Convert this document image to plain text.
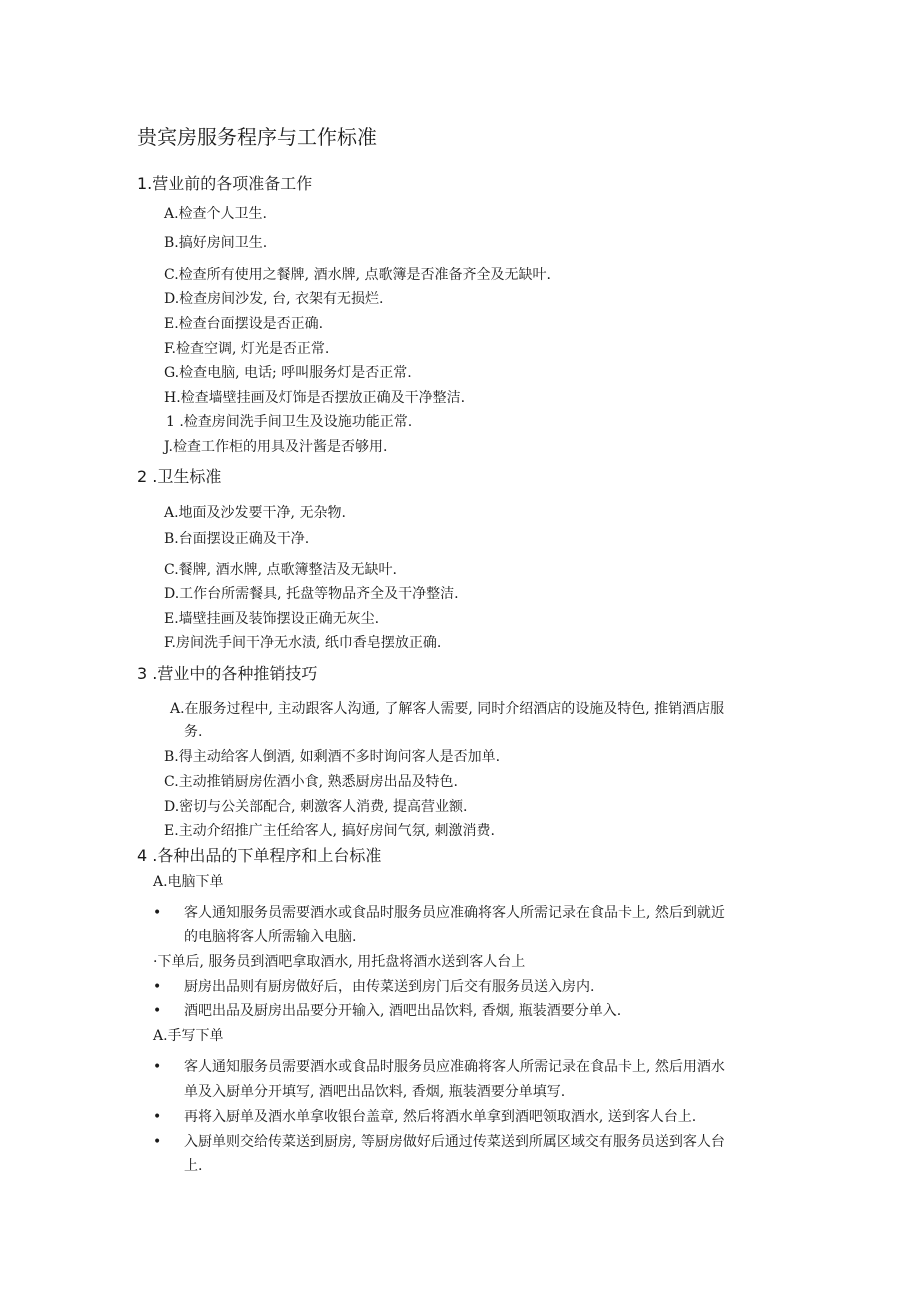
贵宾房服务程序与工作标准
1.营业前的各项准备工作
A.检查个人卫生.
B.搞好房间卫生.
C.检查所有使用之餐牌, 酒水牌, 点歌簿是否准备齐全及无缺叶.
D.检查房间沙发, 台, 衣架有无损烂.
E.检查台面摆设是否正确.
F.检查空调, 灯光是否正常.
G.检查电脑, 电话; 呼叫服务灯是否正常.
H.检查墙壁挂画及灯饰是否摆放正确及干净整洁.
1 .检查房间洗手间卫生及设施功能正常.
J.检查工作柜的用具及汁酱是否够用.
2 .卫生标准
A.地面及沙发要干净, 无杂物.
B.台面摆设正确及干净.
C.餐牌, 酒水牌, 点歌簿整洁及无缺叶.
D.工作台所需餐具, 托盘等物品齐全及干净整洁.
E.墙壁挂画及装饰摆设正确无灰尘.
F.房间洗手间干净无水渍, 纸巾香皂摆放正确.
3 .营业中的各种推销技巧
A.在服务过程中, 主动跟客人沟通, 了解客人需要, 同时介绍酒店的设施及特色, 推销酒店服
务.
B.得主动给客人倒酒, 如剩酒不多时询问客人是否加单.
C.主动推销厨房佐酒小食, 熟悉厨房出品及特色.
D.密切与公关部配合, 刺激客人消费, 提高营业额.
E.主动介绍推广主任给客人, 搞好房间气氛, 刺激消费.
4 .各种出品的下单程序和上台标准
A.电脑下单
• 客人通知服务员需要酒水或食品时服务员应准确将客人所需记录在食品卡上, 然后到就近
的电脑将客人所需输入电脑.
·下单后, 服务员到酒吧拿取酒水, 用托盘将酒水送到客人台上
• 厨房出品则有厨房做好后，由传菜送到房门后交有服务员送入房内.
• 酒吧出品及厨房出品要分开输入, 酒吧出品饮料, 香烟, 瓶装酒要分单入.
A.手写下单
• 客人通知服务员需要酒水或食品时服务员应准确将客人所需记录在食品卡上, 然后用酒水
单及入厨单分开填写, 酒吧出品饮料, 香烟, 瓶装酒要分单填写.
• 再将入厨单及酒水单拿收银台盖章, 然后将酒水单拿到酒吧领取酒水, 送到客人台上.
• 入厨单则交给传菜送到厨房, 等厨房做好后通过传菜送到所属区域交有服务员送到客人台
上.
